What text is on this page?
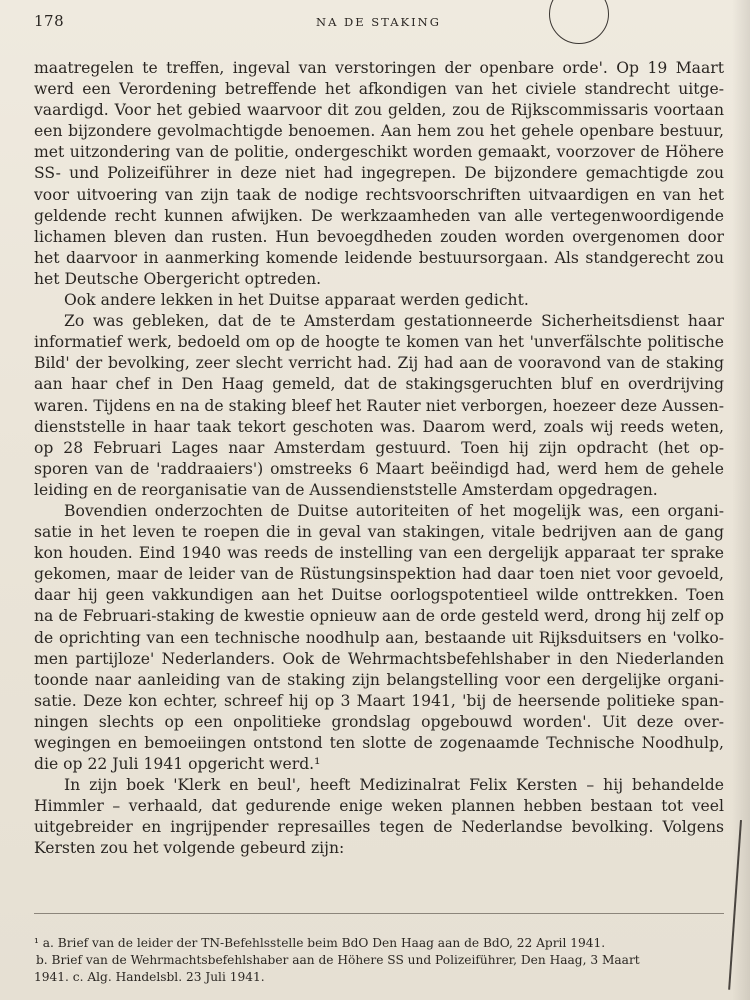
178	NA DE STAKING
maatregelen te treffen, ingeval van verstoringen der openbare orde'. Op 19 Maart
werd een Verordening betreffende het afkondigen van het civiele standrecht uitge-
vaardigd. Voor het gebied waarvoor dit zou gelden, zou de Rijkscommissaris voortaan
een bijzondere gevolmachtigde benoemen. Aan hem zou het gehele openbare bestuur,
met uitzondering van de politie, ondergeschikt worden gemaakt, voorzover de Höhere
SS- und Polizeiführer in deze niet had ingegrepen. De bijzondere gemachtigde zou
voor uitvoering van zijn taak de nodige rechtsvoorschriften uitvaardigen en van het
geldende recht kunnen afwijken. De werkzaamheden van alle vertegenwoordigende
lichamen bleven dan rusten. Hun bevoegdheden zouden worden overgenomen door
het daarvoor in aanmerking komende leidende bestuursorgaan. Als standgerecht zou
het Deutsche Obergericht optreden.
Ook andere lekken in het Duitse apparaat werden gedicht.
Zo was gebleken, dat de te Amsterdam gestationneerde Sicherheitsdienst haar
informatief werk, bedoeld om op de hoogte te komen van het 'unverfälschte politische
Bild' der bevolking, zeer slecht verricht had. Zij had aan de vooravond van de staking
aan haar chef in Den Haag gemeld, dat de stakingsgeruchten bluf en overdrijving
waren. Tijdens en na de staking bleef het Rauter niet verborgen, hoezeer deze Aussen-
dienststelle in haar taak tekort geschoten was. Daarom werd, zoals wij reeds weten,
op 28 Februari Lages naar Amsterdam gestuurd. Toen hij zijn opdracht (het op-
sporen van de 'raddraaiers') omstreeks 6 Maart beëindigd had, werd hem de gehele
leiding en de reorganisatie van de Aussendienststelle Amsterdam opgedragen.
Bovendien onderzochten de Duitse autoriteiten of het mogelijk was, een organi-
satie in het leven te roepen die in geval van stakingen, vitale bedrijven aan de gang
kon houden. Eind 1940 was reeds de instelling van een dergelijk apparaat ter sprake
gekomen, maar de leider van de Rüstungsinspektion had daar toen niet voor gevoeld,
daar hij geen vakkundigen aan het Duitse oorlogspotentieel wilde onttrekken. Toen
na de Februari-staking de kwestie opnieuw aan de orde gesteld werd, drong hij zelf op
de oprichting van een technische noodhulp aan, bestaande uit Rijksduitsers en 'volko-
men partijloze' Nederlanders. Ook de Wehrmachtsbefehlshaber in den Niederlanden
toonde naar aanleiding van de staking zijn belangstelling voor een dergelijke organi-
satie. Deze kon echter, schreef hij op 3 Maart 1941, 'bij de heersende politieke span-
ningen slechts op een onpolitieke grondslag opgebouwd worden'. Uit deze over-
wegingen en bemoeiingen ontstond ten slotte de zogenaamde Technische Noodhulp,
die op 22 Juli 1941 opgericht werd.¹
In zijn boek 'Klerk en beul', heeft Medizinalrat Felix Kersten – hij behandelde
Himmler – verhaald, dat gedurende enige weken plannen hebben bestaan tot veel
uitgebreider en ingrijpender represailles tegen de Nederlandse bevolking. Volgens
Kersten zou het volgende gebeurd zijn:
¹ a. Brief van de leider der TN-Befehlsstelle beim BdO Den Haag aan de BdO, 22 April 1941.
b. Brief van de Wehrmachtsbefehlshaber aan de Höhere SS und Polizeiführer, Den Haag, 3 Maart
1941. c. Alg. Handelsbl. 23 Juli 1941.
